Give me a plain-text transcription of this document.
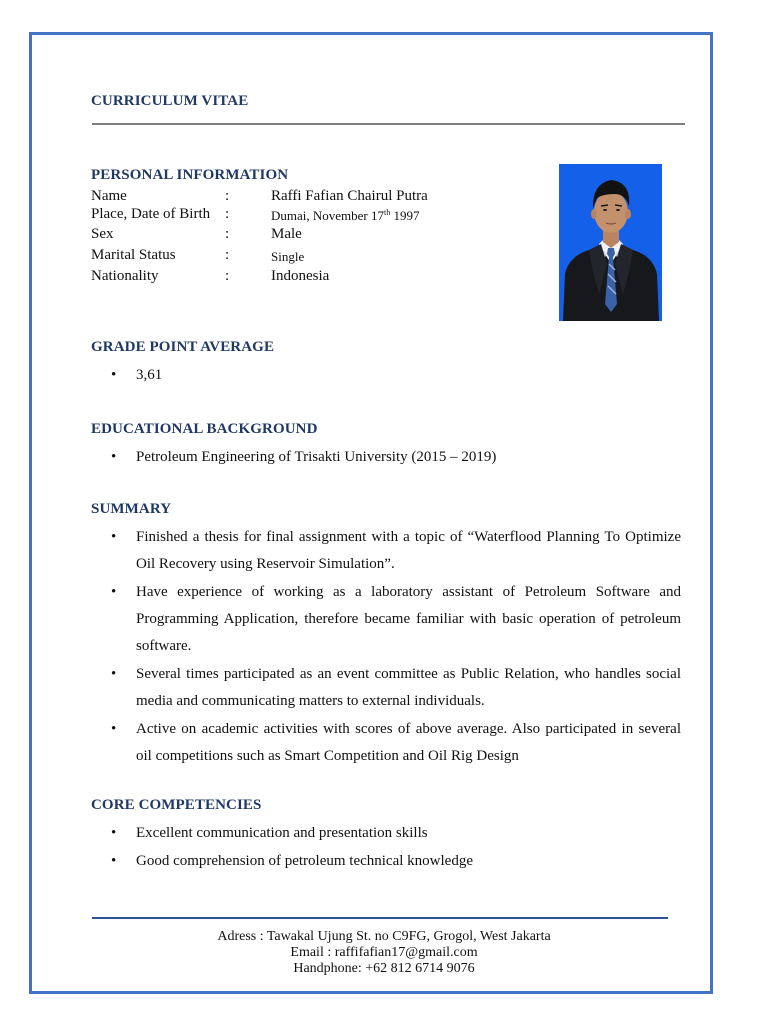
CURRICULUM VITAE
PERSONAL INFORMATION
Name	:	Raffi Fafian Chairul Putra
Place, Date of Birth :	Dumai, November 17th 1997
Sex	:	Male
Marital Status	:	Single
Nationality	:	Indonesia
GRADE POINT AVERAGE
• 3,61
EDUCATIONAL BACKGROUND
• Petroleum Engineering of Trisakti University (2015 – 2019)
SUMMARY
• Finished a thesis for final assignment with a topic of “Waterflood Planning To Optimize Oil Recovery using Reservoir Simulation”.
• Have experience of working as a laboratory assistant of Petroleum Software and Programming Application, therefore became familiar with basic operation of petroleum software.
• Several times participated as an event committee as Public Relation, who handles social media and communicating matters to external individuals.
• Active on academic activities with scores of above average. Also participated in several oil competitions such as Smart Competition and Oil Rig Design
CORE COMPETENCIES
• Excellent communication and presentation skills
• Good comprehension of petroleum technical knowledge
Adress : Tawakal Ujung St. no C9FG, Grogol, West Jakarta
Email : raffifafian17@gmail.com
Handphone: +62 812 6714 9076
